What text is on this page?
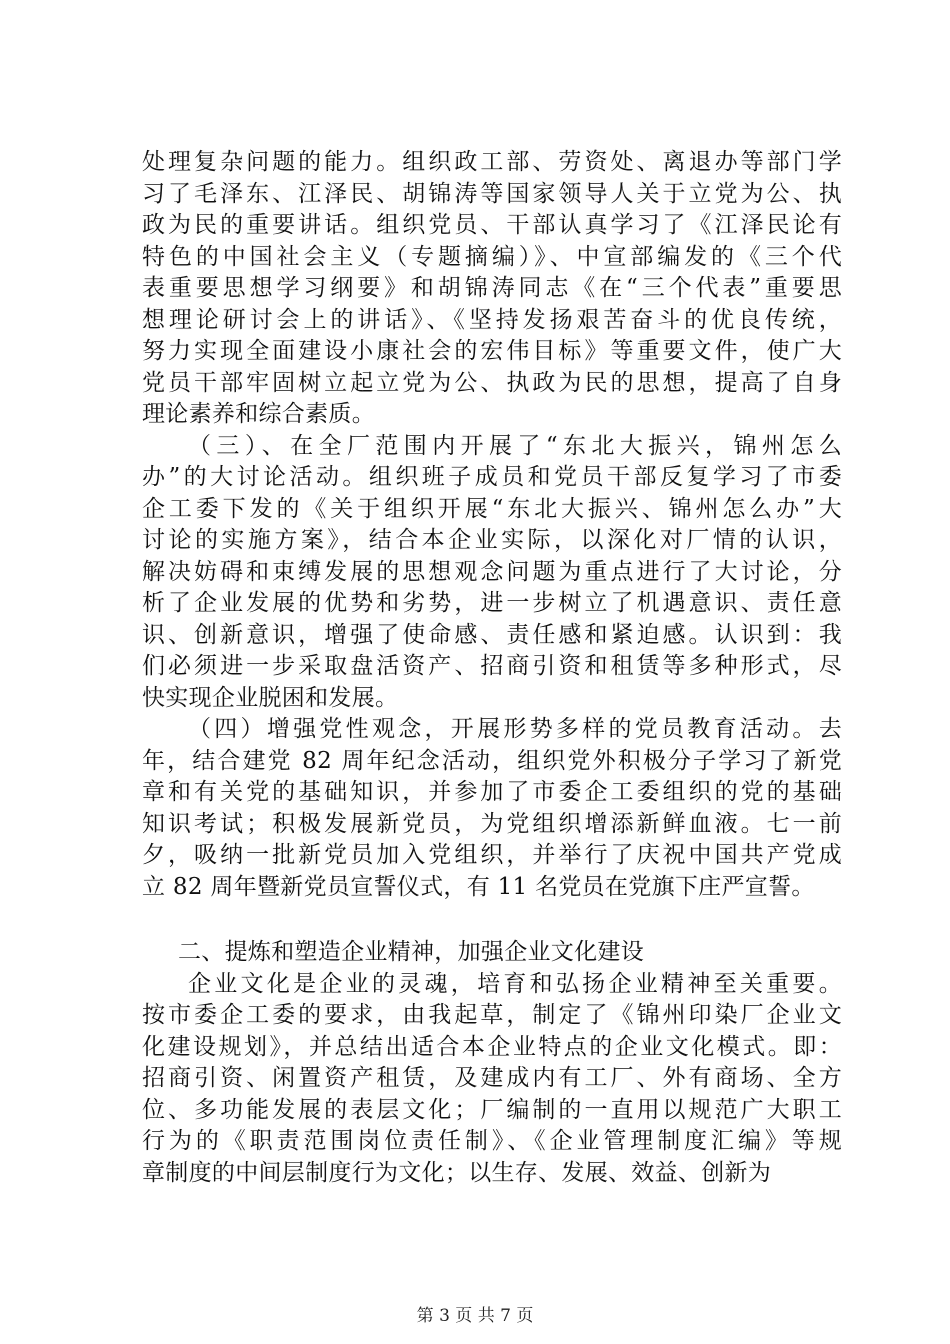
处理复杂问题的能力。组织政工部、劳资处、离退办等部门学
习了毛泽东、江泽民、胡锦涛等国家领导人关于立党为公、执
政为民的重要讲话。组织党员、干部认真学习了《江泽民论有
特色的中国社会主义（专题摘编）》、中宣部编发的《三个代
表重要思想学习纲要》和胡锦涛同志《在“三个代表”重要思
想理论研讨会上的讲话》、《坚持发扬艰苦奋斗的优良传统，
努力实现全面建设小康社会的宏伟目标》等重要文件，使广大
党员干部牢固树立起立党为公、执政为民的思想，提高了自身
理论素养和综合素质。

（三）、在全厂范围内开展了“东北大振兴，锦州怎么
办”的大讨论活动。组织班子成员和党员干部反复学习了市委
企工委下发的《关于组织开展“东北大振兴、锦州怎么办”大
讨论的实施方案》，结合本企业实际，以深化对厂情的认识，
解决妨碍和束缚发展的思想观念问题为重点进行了大讨论，分
析了企业发展的优势和劣势，进一步树立了机遇意识、责任意
识、创新意识，增强了使命感、责任感和紧迫感。认识到：我
们必须进一步采取盘活资产、招商引资和租赁等多种形式，尽
快实现企业脱困和发展。

（四）增强党性观念，开展形势多样的党员教育活动。去
年，结合建党 82 周年纪念活动，组织党外积极分子学习了新党
章和有关党的基础知识，并参加了市委企工委组织的党的基础
知识考试；积极发展新党员，为党组织增添新鲜血液。七一前
夕，吸纳一批新党员加入党组织，并举行了庆祝中国共产党成
立 82 周年暨新党员宣誓仪式，有 11 名党员在党旗下庄严宣誓。

二、提炼和塑造企业精神，加强企业文化建设

企业文化是企业的灵魂，培育和弘扬企业精神至关重要。
按市委企工委的要求，由我起草，制定了《锦州印染厂企业文
化建设规划》，并总结出适合本企业特点的企业文化模式。即：
招商引资、闲置资产租赁，及建成内有工厂、外有商场、全方
位、多功能发展的表层文化；厂编制的一直用以规范广大职工
行为的《职责范围岗位责任制》、《企业管理制度汇编》等规
章制度的中间层制度行为文化；以生存、发展、效益、创新为

第 3 页 共 7 页
